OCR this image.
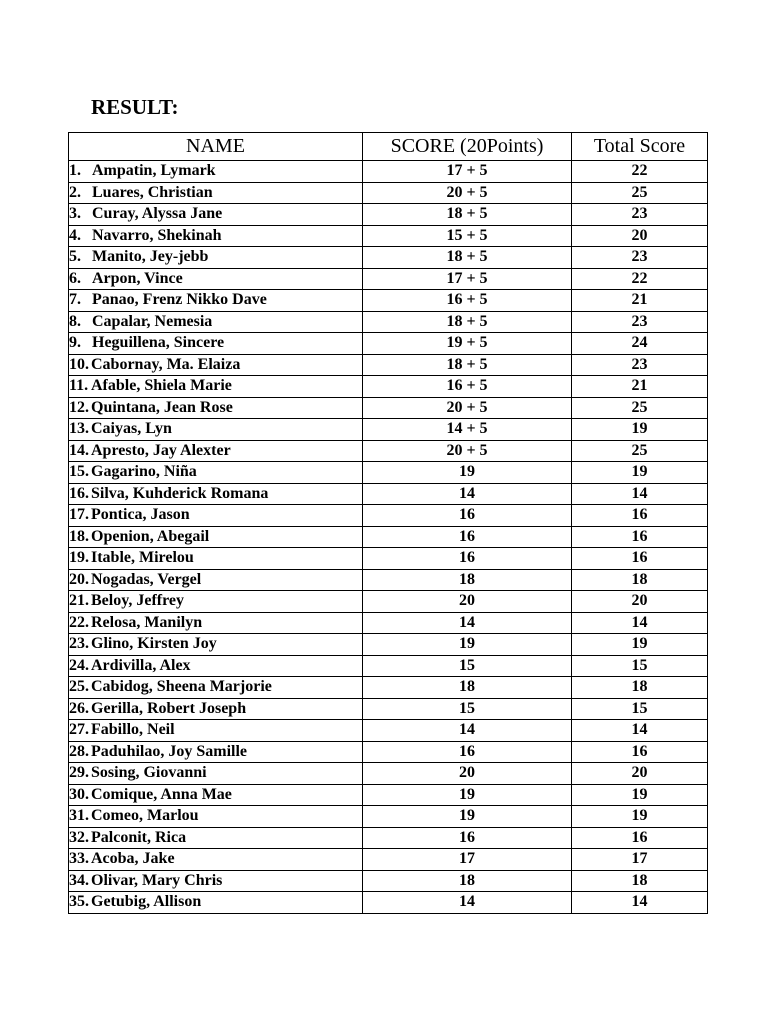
RESULT:
NAME	SCORE (20Points)	Total Score
1. Ampatin, Lymark	17 + 5	22
2. Luares, Christian	20 + 5	25
3. Curay, Alyssa Jane	18 + 5	23
4. Navarro, Shekinah	15 + 5	20
5. Manito, Jey-jebb	18 + 5	23
6. Arpon, Vince	17 + 5	22
7. Panao, Frenz Nikko Dave	16 + 5	21
8. Capalar, Nemesia	18 + 5	23
9. Heguillena, Sincere	19 + 5	24
10. Cabornay, Ma. Elaiza	18 + 5	23
11. Afable, Shiela Marie	16 + 5	21
12. Quintana, Jean Rose	20 + 5	25
13. Caiyas, Lyn	14 + 5	19
14. Apresto, Jay Alexter	20 + 5	25
15. Gagarino, Niña	19	19
16. Silva, Kuhderick Romana	14	14
17. Pontica, Jason	16	16
18. Openion, Abegail	16	16
19. Itable, Mirelou	16	16
20. Nogadas, Vergel	18	18
21. Beloy, Jeffrey	20	20
22. Relosa, Manilyn	14	14
23. Glino, Kirsten Joy	19	19
24. Ardivilla, Alex	15	15
25. Cabidog, Sheena Marjorie	18	18
26. Gerilla, Robert Joseph	15	15
27. Fabillo, Neil	14	14
28. Paduhilao, Joy Samille	16	16
29. Sosing, Giovanni	20	20
30. Comique, Anna Mae	19	19
31. Comeo, Marlou	19	19
32. Palconit, Rica	16	16
33. Acoba, Jake	17	17
34. Olivar, Mary Chris	18	18
35. Getubig, Allison	14	14
